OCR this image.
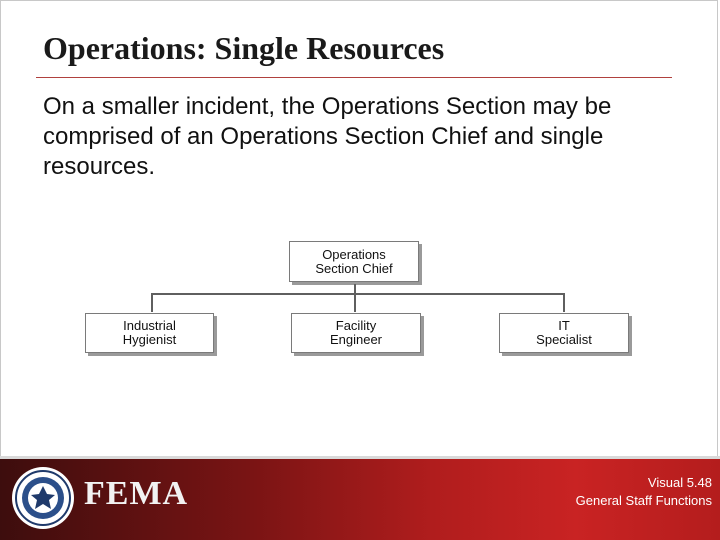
Operations: Single Resources
On a smaller incident, the Operations Section may be comprised of an Operations Section Chief and single resources.
Operations
Section Chief
Industrial
Hygienist
Facility
Engineer
IT
Specialist
FEMA	Visual 5.48
General Staff Functions
